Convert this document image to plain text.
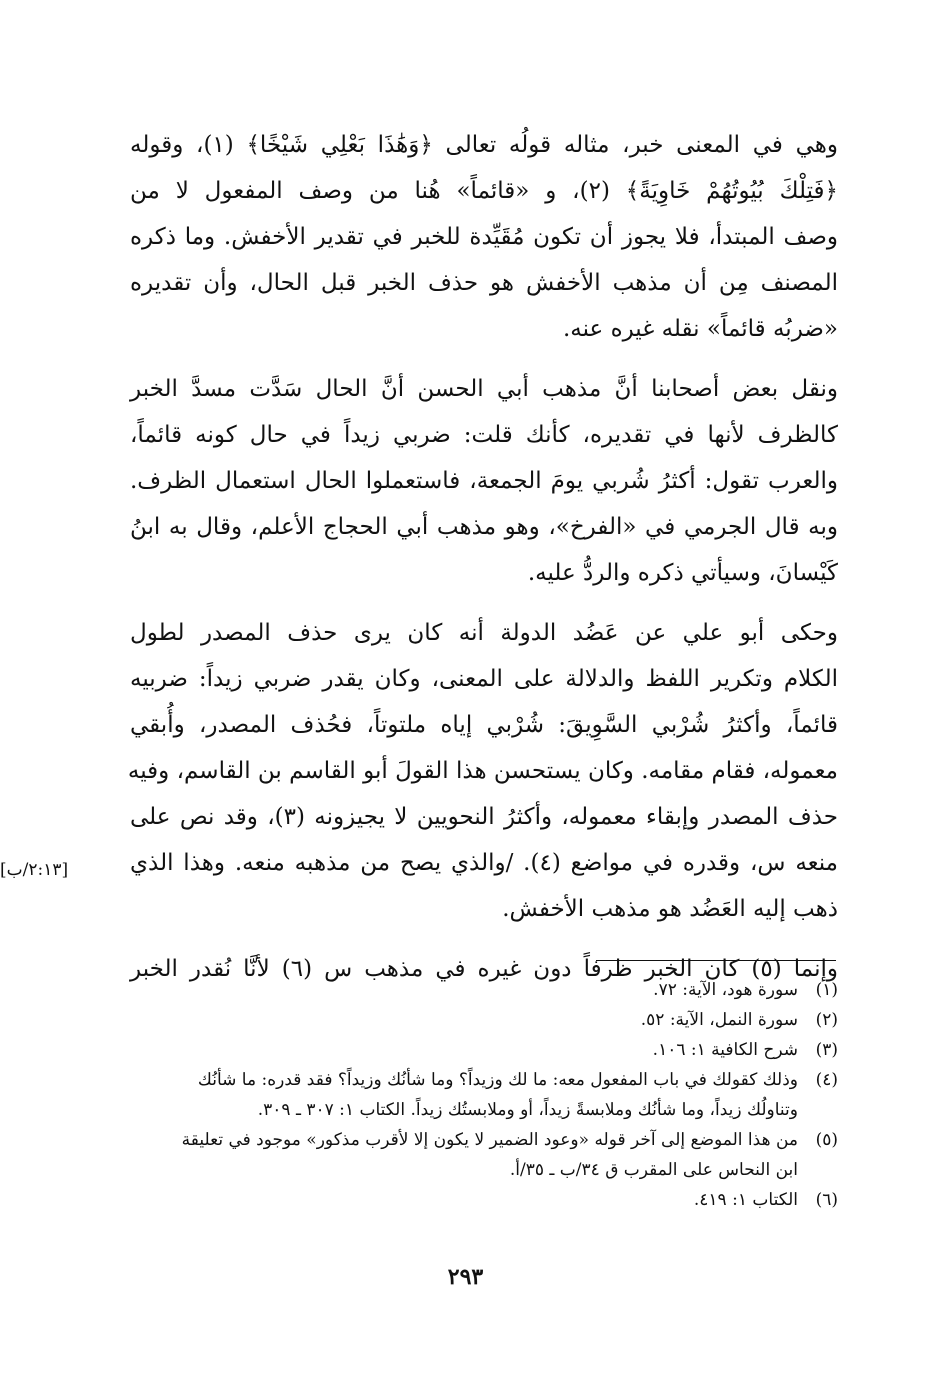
وهي في المعنى خبر، مثاله قولُه تعالى ﴿وَهَٰذَا بَعْلِي شَيْخًا﴾ (١)، وقوله
﴿فَتِلْكَ بُيُوتُهُمْ خَاوِيَةً﴾ (٢)، و «قائماً» هُنا من وصف المفعول لا من
وصف المبتدأ، فلا يجوز أن تكون مُقَيِّدة للخبر في تقدير الأخفش. وما ذكره
المصنف مِن أن مذهب الأخفش هو حذف الخبر قبل الحال، وأن تقديره
«ضربُه قائماً» نقله غيره عنه.
ونقل بعض أصحابنا أنَّ مذهب أبي الحسن أنَّ الحال سَدَّت مسدَّ الخبر
كالظرف لأنها في تقديره، كأنك قلت: ضربي زيداً في حال كونه قائماً،
والعرب تقول: أكثرُ شُربي يومَ الجمعة، فاستعملوا الحال استعمال الظرف.
وبه قال الجرمي في «الفرخ»، وهو مذهب أبي الحجاج الأعلم، وقال به ابنُ
كَيْسانَ، وسيأتي ذكره والردُّ عليه.
وحكى أبو علي عن عَضُد الدولة أنه كان يرى حذف المصدر لطول
الكلام وتكرير اللفظ والدلالة على المعنى، وكان يقدر ضربي زيداً: ضربيه
قائماً، وأكثرُ شُرْبي السَّوِيقَ: شُرْبي إياه ملتوتاً، فحُذف المصدر، وأُبقي
معموله، فقام مقامه. وكان يستحسن هذا القولَ أبو القاسم بن القاسم، وفيه
حذف المصدر وإبقاء معموله، وأكثرُ النحويين لا يجيزونه (٣)، وقد نص على
منعه س، وقدره في مواضع (٤). /والذي يصح من مذهبه منعه. وهذا الذي
ذهب إليه العَضُد هو مذهب الأخفش.
وإنما (٥) كان الخبر ظرفاً دون غيره في مذهب س (٦) لأنَّا نُقدر الخبر
[٢:١٣/ب]
(١)
سورة هود، الآية: ٧٢.
(٢)
سورة النمل، الآية: ٥٢.
(٣)
شرح الكافية ١: ١٠٦.
(٤)
وذلك كقولك في باب المفعول معه: ما لك وزيداً؟ وما شأنُك وزيداً؟ فقد قدره: ما شأنُك
وتناولُك زيداً، وما شأنُك وملابسةً زيداً، أو وملابستُك زيداً. الكتاب ١: ٣٠٧ ـ ٣٠٩.
(٥)
من هذا الموضع إلى آخر قوله «وعود الضمير لا يكون إلا لأقرب مذكور» موجود في تعليقة
ابن النحاس على المقرب ق ٣٤/ب ـ ٣٥/أ.
(٦)
الكتاب ١: ٤١٩.
٢٩٣
